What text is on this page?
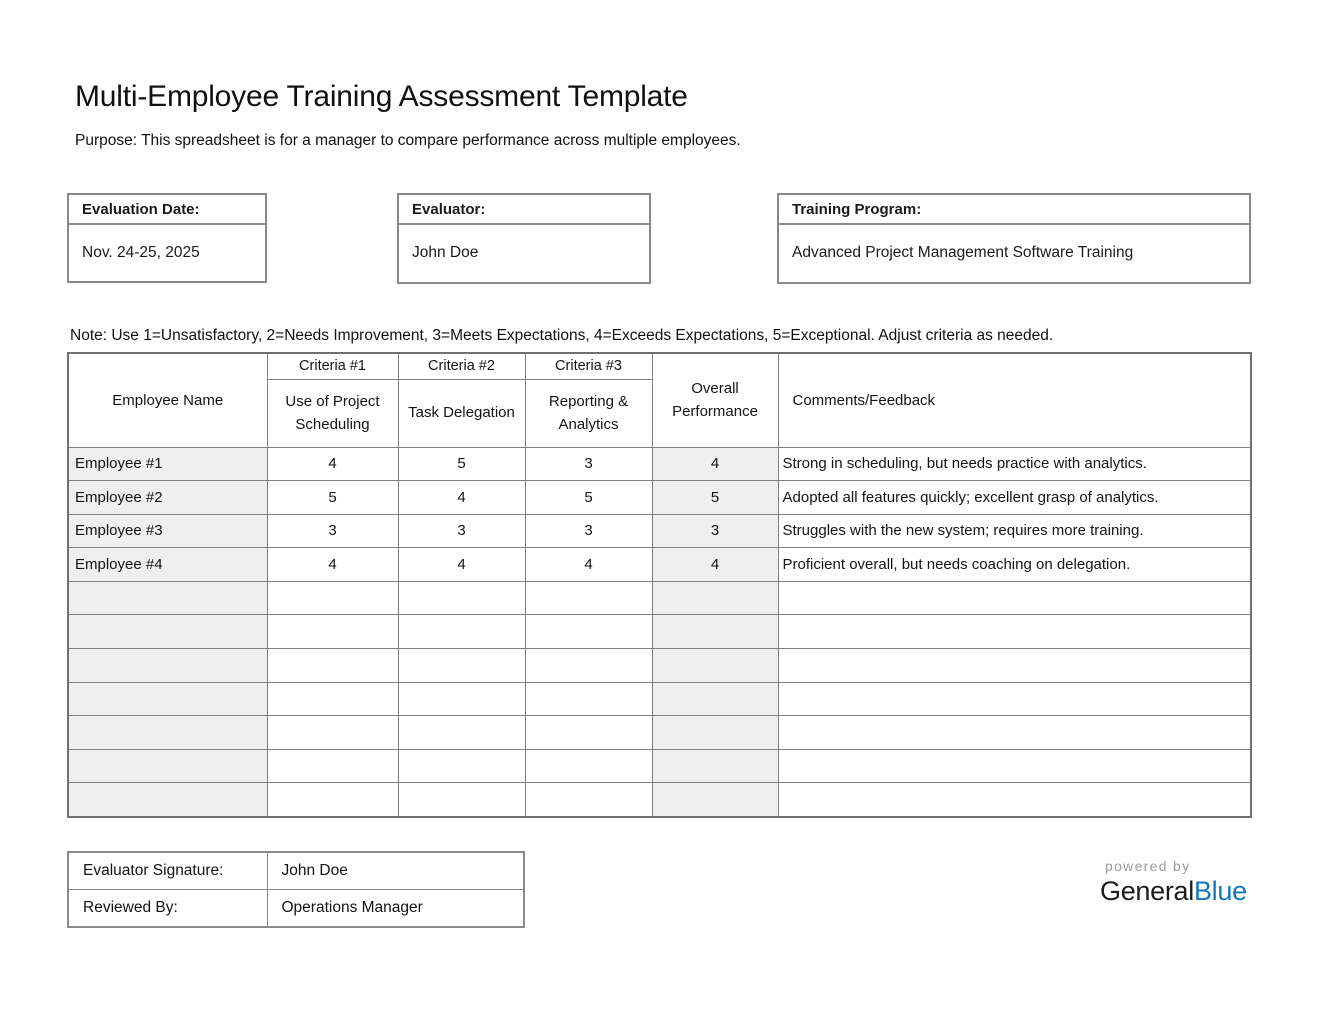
Multi-Employee Training Assessment Template

Purpose: This spreadsheet is for a manager to compare performance across multiple employees.

Evaluation Date:
Nov. 24-25, 2025
Evaluator:
John Doe
Training Program:
Advanced Project Management Software Training

Note: Use 1=Unsatisfactory, 2=Needs Improvement, 3=Meets Expectations, 4=Exceeds Expectations, 5=Exceptional. Adjust criteria as needed.

Employee Name	Criteria #1	Criteria #2	Criteria #3	Overall Performance	Comments/Feedback
	Use of Project Scheduling	Task Delegation	Reporting & Analytics		
Employee #1	4	5	3	4	Strong in scheduling, but needs practice with analytics.
Employee #2	5	4	5	5	Adopted all features quickly; excellent grasp of analytics.
Employee #3	3	3	3	3	Struggles with the new system; requires more training.
Employee #4	4	4	4	4	Proficient overall, but needs coaching on delegation.

Evaluator Signature:	John Doe
Reviewed By:	Operations Manager
powered by
GeneralBlue
